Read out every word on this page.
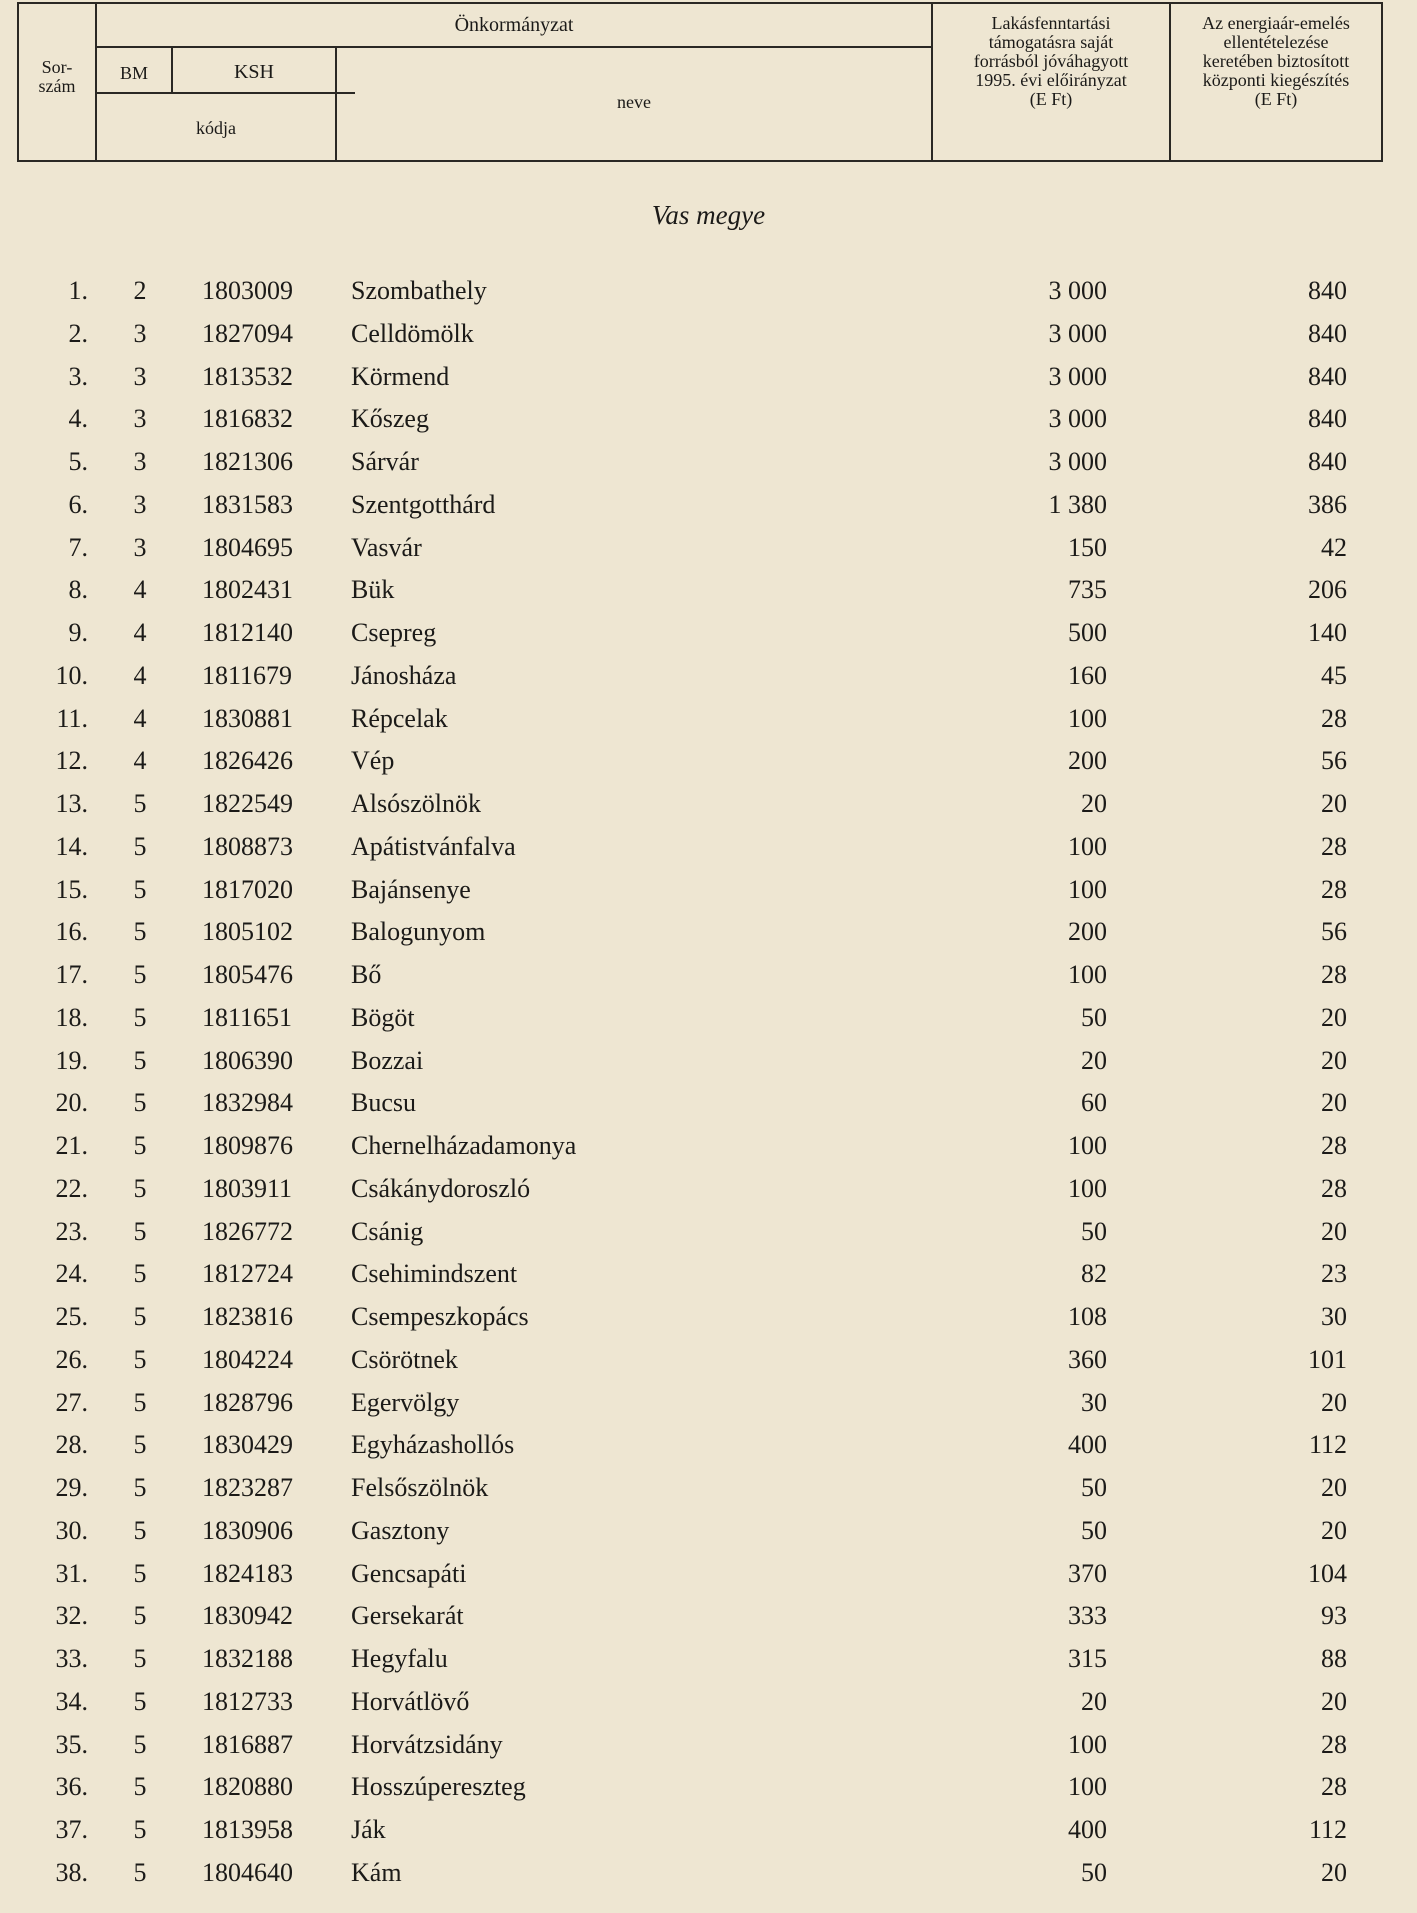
Önkormányzat
Sor-
szám
BM	KSH
kódja
neve
Lakásfenntartási
támogatásra saját
forrásból jóváhagyott
1995. évi előirányzat
(E Ft)
Az energiaár-emelés
ellentételezése
keretében biztosított
központi kiegészítés
(E Ft)
Vas megye
1. 2 1803009 Szombathely	3 000	840
2. 3 1827094 Celldömölk	3 000	840
3. 3 1813532 Körmend	3 000	840
4. 3 1816832 Kőszeg	3 000	840
5. 3 1821306 Sárvár	3 000	840
6. 3 1831583 Szentgotthárd	1 380	386
7. 3 1804695 Vasvár	150	42
8. 4 1802431 Bük	735	206
9. 4 1812140 Csepreg	500	140
10. 4 1811679 Jánosháza	160	45
11. 4 1830881 Répcelak	100	28
12. 4 1826426 Vép	200	56
13. 5 1822549 Alsószölnök	20	20
14. 5 1808873 Apátistvánfalva	100	28
15. 5 1817020 Bajánsenye	100	28
16. 5 1805102 Balogunyom	200	56
17. 5 1805476 Bő	100	28
18. 5 1811651 Bögöt	50	20
19. 5 1806390 Bozzai	20	20
20. 5 1832984 Bucsu	60	20
21. 5 1809876 Chernelházadamonya	100	28
22. 5 1803911 Csákánydoroszló	100	28
23. 5 1826772 Csánig	50	20
24. 5 1812724 Csehimindszent	82	23
25. 5 1823816 Csempeszkopács	108	30
26. 5 1804224 Csörötnek	360	101
27. 5 1828796 Egervölgy	30	20
28. 5 1830429 Egyházashollós	400	112
29. 5 1823287 Felsőszölnök	50	20
30. 5 1830906 Gasztony	50	20
31. 5 1824183 Gencsapáti	370	104
32. 5 1830942 Gersekarát	333	93
33. 5 1832188 Hegyfalu	315	88
34. 5 1812733 Horvátlövő	20	20
35. 5 1816887 Horvátzsidány	100	28
36. 5 1820880 Hosszúpereszteg	100	28
37. 5 1813958 Ják	400	112
38. 5 1804640 Kám	50	20
